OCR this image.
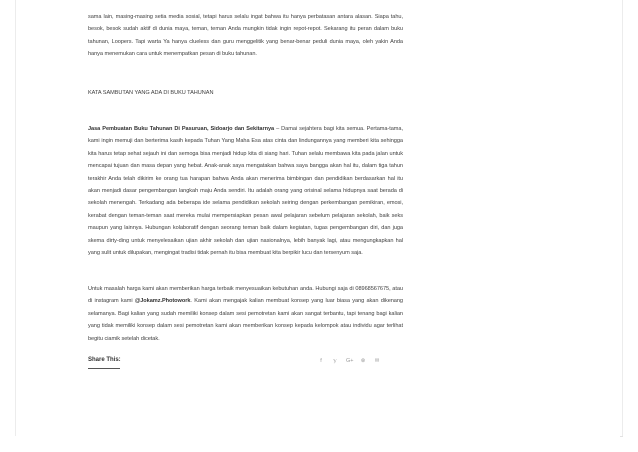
sama lain, masing-masing setia media sosial, tetapi harus selalu ingat bahwa itu hanya perbatasan antara alasan. Siapa tahu, besok, besok sudah aktif di dunia maya, teman, teman Anda mungkin tidak ingin repot-repot. Sekarang itu peran dalam buku tahunan, Loopers. Tapi warta Ya hanya clueless dan guru menggelitik yang benar-benar peduli dunia maya, oleh yakin Anda hanya menemukan cara untuk menempatkan pesan di buku tahunan.

KATA SAMBUTAN YANG ADA DI BUKU TAHUNAN

Jasa Pembuatan Buku Tahunan Di Pasuruan, Sidoarjo dan Sekitarnya – Damai sejahtera bagi kita semua. Pertama-tama, kami ingin memuji dan berterima kasih kepada Tuhan Yang Maha Esa atas cinta dan lindungannya yang memberi kita sehingga kita harus tetap sehat sejauh ini dan semoga bisa menjadi hidup kita di siang hari. Tuhan selalu membawa kita pada jalan untuk mencapai tujuan dan masa depan yang hebat. Anak-anak saya mengatakan bahwa saya bangga akan hal itu, dalam tiga tahun terakhir Anda telah dikirim ke orang tua harapan bahwa Anda akan menerima bimbingan dan pendidikan berdasarkan hal itu akan menjadi dasar pengembangan langkah maju Anda sendiri. Itu adalah orang yang orisinal selama hidupnya saat berada di sekolah menengah. Terkadang ada beberapa ide selama pendidikan sekolah seiring dengan perkembangan pemikiran, emosi, kerabat dengan teman-teman saat mereka mulai mempersiapkan pesan awal pelajaran sebelum pelajaran sekolah, baik seks maupun yang lainnya. Hubungan kolaboratif dengan seorang teman baik dalam kegiatan, tugas pengembangan diri, dan juga skema dirty-ding untuk menyelesaikan ujian akhir sekolah dan ujian nasionalnya, lebih banyak lagi, atau mengungkapkan hal yang sulit untuk dilupakan, mengingat tradisi tidak pernah itu bisa membuat kita berpikir lucu dan tersenyum saja.

Untuk masalah harga kami akan memberikan harga terbaik menyesuaikan kebutuhan anda. Hubungi saja di 08968567675, atau di instagram kami @Jokamz.Photowork. Kami akan mengajak kalian membuat konsep yang luar biasa yang akan dikenang selamanya. Bagi kalian yang sudah memiliki konsep dalam sesi pemotretan kami akan sangat terbantu, tapi tenang bagi kalian yang tidak memiliki konsep dalam sesi pemotretan kami akan memberikan konsep kepada kelompok atau individu agar terlihat begitu ciamik setelah dicetak.

Share This:	f	𝕪 G+ ⊗ ✉
